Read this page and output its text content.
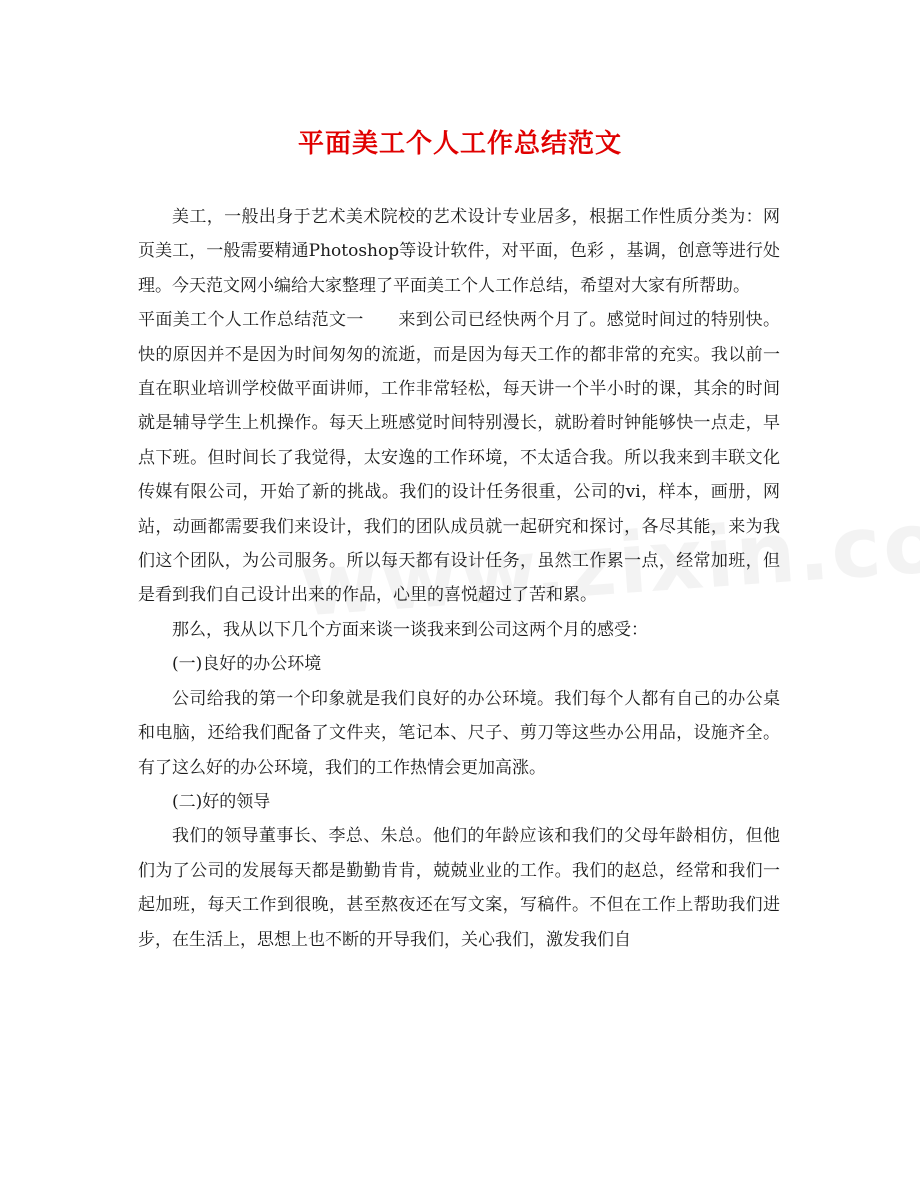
平面美工个人工作总结范文

美工，一般出身于艺术美术院校的艺术设计专业居多，根据工作性质分类为：网页美工，一般需要精通Photoshop等设计软件，对平面，色彩 ，基调，创意等进行处理。今天范文网小编给大家整理了平面美工个人工作总结，希望对大家有所帮助。

平面美工个人工作总结范文一　　来到公司已经快两个月了。感觉时间过的特别快。快的原因并不是因为时间匆匆的流逝，而是因为每天工作的都非常的充实。我以前一直在职业培训学校做平面讲师，工作非常轻松，每天讲一个半小时的课，其余的时间就是辅导学生上机操作。每天上班感觉时间特别漫长，就盼着时钟能够快一点走，早点下班。但时间长了我觉得，太安逸的工作环境，不太适合我。所以我来到丰联文化传媒有限公司，开始了新的挑战。我们的设计任务很重，公司的vi，样本，画册，网站，动画都需要我们来设计，我们的团队成员就一起研究和探讨，各尽其能，来为我们这个团队，为公司服务。所以每天都有设计任务，虽然工作累一点，经常加班，但是看到我们自己设计出来的作品，心里的喜悦超过了苦和累。

那么，我从以下几个方面来谈一谈我来到公司这两个月的感受：

(一)良好的办公环境

公司给我的第一个印象就是我们良好的办公环境。我们每个人都有自己的办公桌和电脑，还给我们配备了文件夹，笔记本、尺子、剪刀等这些办公用品，设施齐全。有了这么好的办公环境，我们的工作热情会更加高涨。

(二)好的领导

我们的领导董事长、李总、朱总。他们的年龄应该和我们的父母年龄相仿，但他们为了公司的发展每天都是勤勤肯肯，兢兢业业的工作。我们的赵总，经常和我们一起加班，每天工作到很晚，甚至熬夜还在写文案，写稿件。不但在工作上帮助我们进步，在生活上，思想上也不断的开导我们，关心我们，激发我们自
